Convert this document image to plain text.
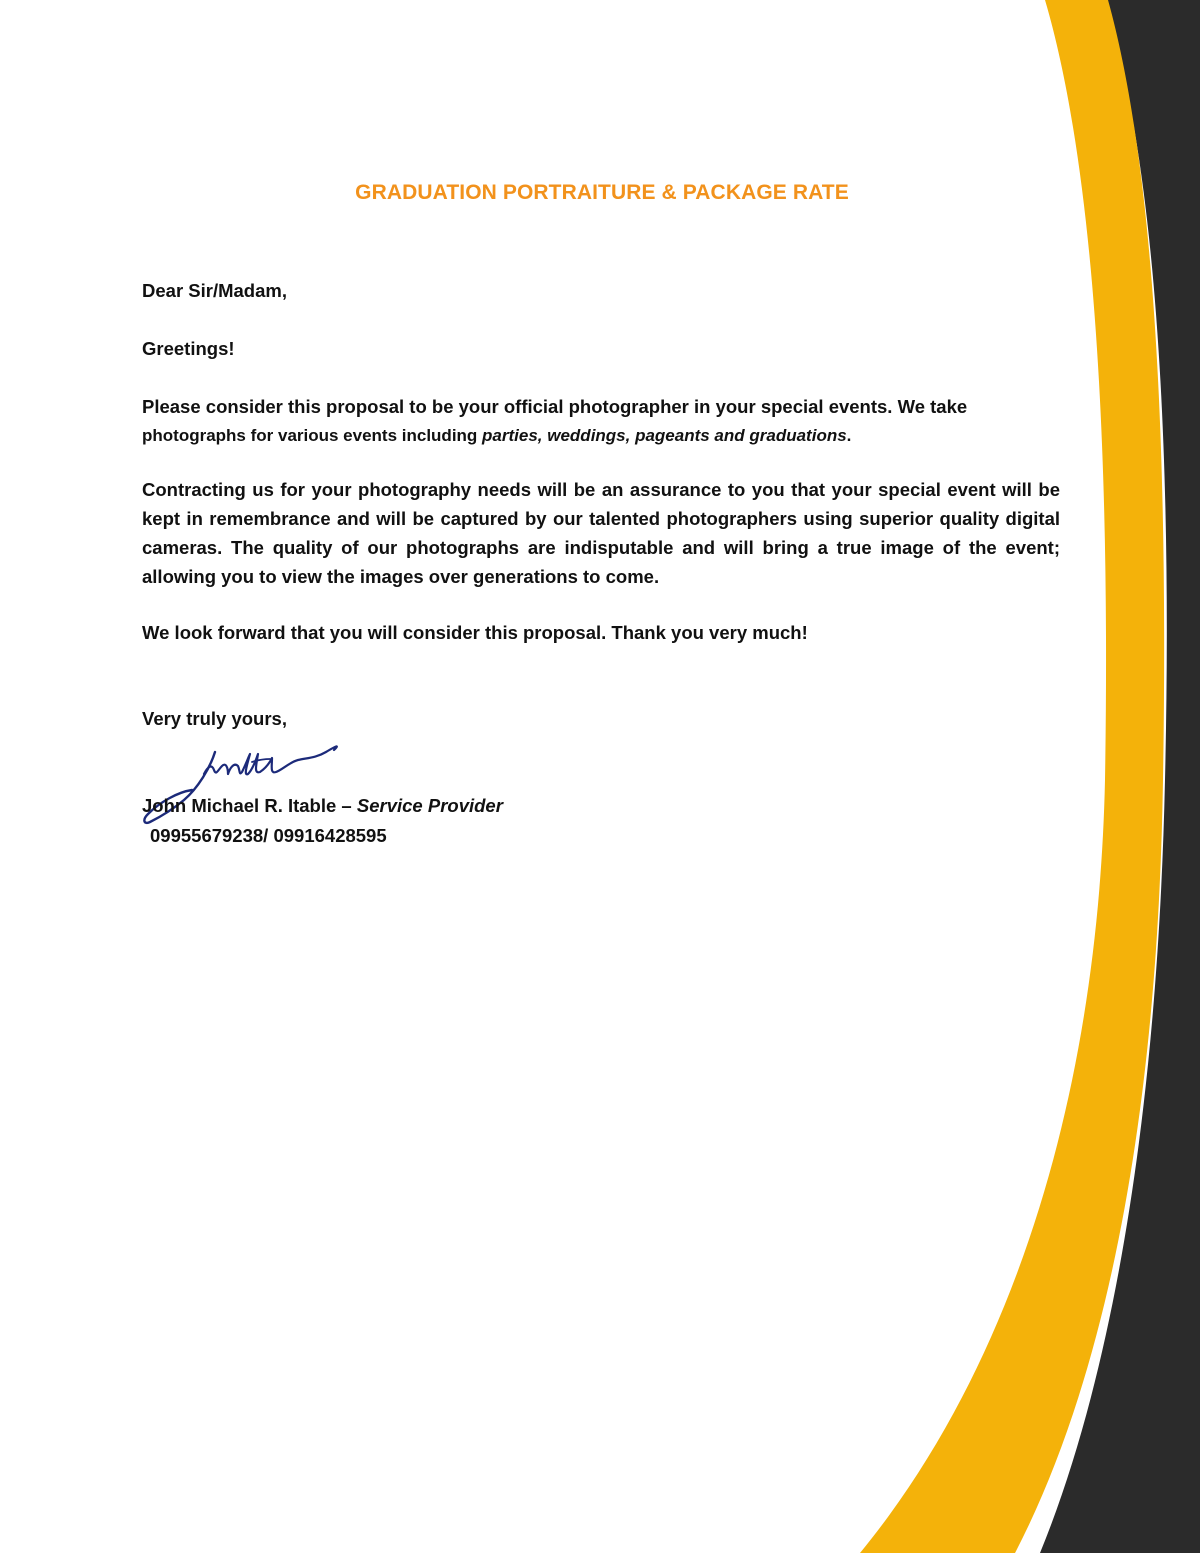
GRADUATION PORTRAITURE & PACKAGE RATE

Dear Sir/Madam,

Greetings!

Please consider this proposal to be your official photographer in your special events. We take
photographs for various events including parties, weddings, pageants and graduations.

Contracting us for your photography needs will be an assurance to you that your special event will be kept in remembrance and will be captured by our talented photographers using superior quality digital cameras. The quality of our photographs are indisputable and will bring a true image of the event; allowing you to view the images over generations to come.

We look forward that you will consider this proposal. Thank you very much!

Very truly yours,

John Michael R. Itable – Service Provider

09955679238/ 09916428595
